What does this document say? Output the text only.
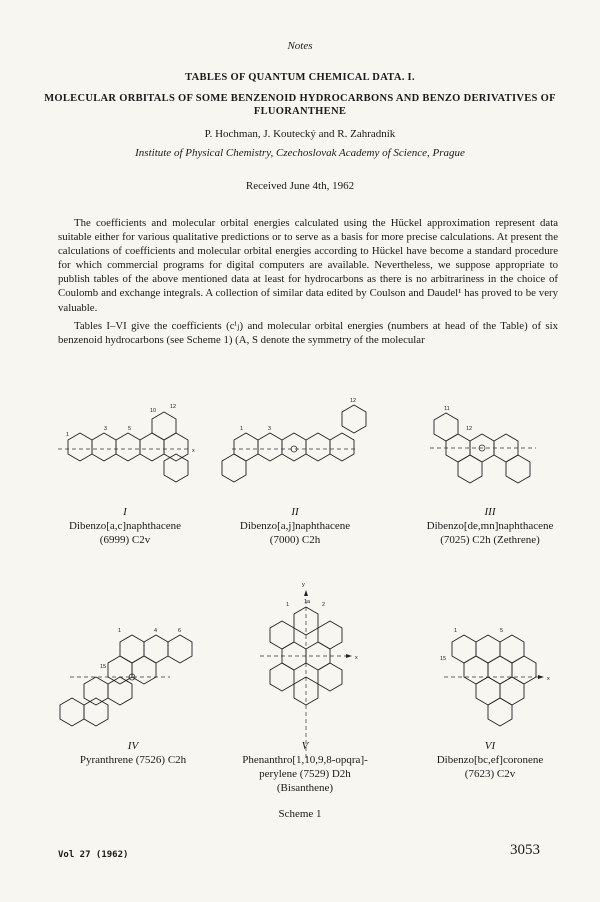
Notes
TABLES OF QUANTUM CHEMICAL DATA. I.
MOLECULAR ORBITALS OF SOME BENZENOID HYDROCARBONS AND BENZO DERIVATIVES OF FLUORANTHENE
P. Hochman, J. Koutecký and R. Zahradník
Institute of Physical Chemistry, Czechoslovak Academy of Science, Prague
Received June 4th, 1962

The coefficients and molecular orbital energies calculated using the Hückel approximation represent data suitable either for various qualitative predictions or to serve as a basis for more precise calculations. At present the calculations of coefficients and molecular orbital energies according to Hückel have become a standard procedure for which commercial programs for digital computers are available. Nevertheless, we suppose appropriate to publish tables of the above mentioned data at least for hydrocarbons as there is no arbitrariness in the choice of Coulomb and exchange integrals. A collection of similar data edited by Coulson and Daudel¹ has proved to be very valuable.

Tables I–VI give the coefficients (cⁱⱼ) and molecular orbital energies (numbers at head of the Table) of six benzenoid hydrocarbons (see Scheme 1) (A, S denote the symmetry of the molecular

x
1
3	5
10
12
1	3
12
11
12
1	4	6
15
y
x
1	1a 2
x
1	5
15
I
Dibenzo[a,c]naphthacene
(6999) C2v
II
Dibenzo[a,j]naphthacene
(7000) C2h
III
Dibenzo[de,mn]naphthacene
(7025) C2h (Zethrene)
IV
Pyranthrene (7526) C2h
V
Phenanthro[1,10,9,8-opqra]-
perylene (7529) D2h
(Bisanthene)
VI
Dibenzo[bc,ef]coronene
(7623) C2v
Scheme 1
Vol 27 (1962)	3053
